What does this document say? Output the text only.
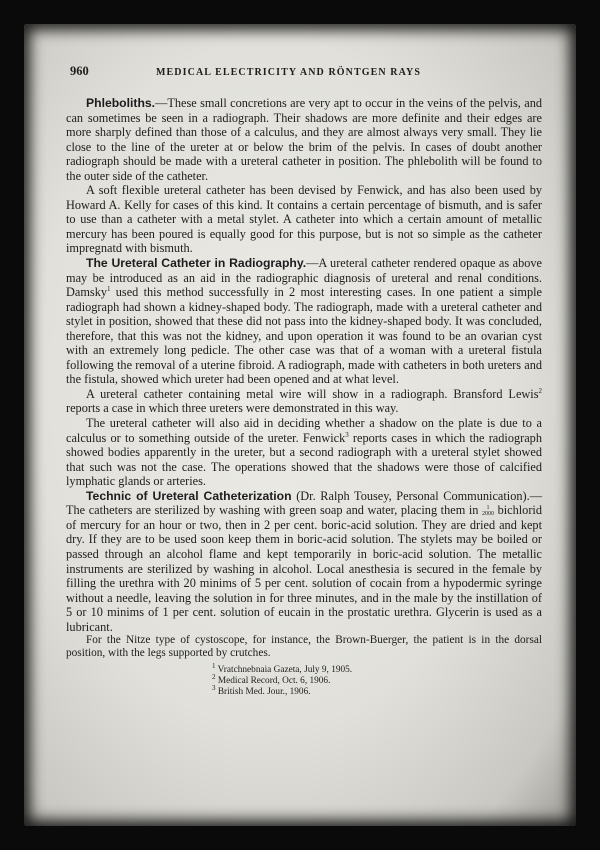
960	MEDICAL ELECTRICITY AND RÖNTGEN RAYS

Phleboliths.—These small concretions are very apt to occur in the veins of the pelvis, and can sometimes be seen in a radiograph. Their shadows are more definite and their edges are more sharply defined than those of a calculus, and they are almost always very small. They lie close to the line of the ureter at or below the brim of the pelvis. In cases of doubt another radiograph should be made with a ureteral catheter in position. The phlebolith will be found to the outer side of the catheter.

A soft flexible ureteral catheter has been devised by Fenwick, and has also been used by Howard A. Kelly for cases of this kind. It contains a certain percentage of bismuth, and is safer to use than a catheter with a metal stylet. A catheter into which a certain amount of metallic mercury has been poured is equally good for this purpose, but is not so simple as the catheter impregnatd with bismuth.

The Ureteral Catheter in Radiography.—A ureteral catheter rendered opaque as above may be introduced as an aid in the radiographic diagnosis of ureteral and renal conditions. Damsky$^1$ used this method successfully in 2 most interesting cases. In one patient a simple radiograph had shown a kidney-shaped body. The radiograph, made with a ureteral catheter and stylet in position, showed that these did not pass into the kidney-shaped body. It was concluded, therefore, that this was not the kidney, and upon operation it was found to be an ovarian cyst with an extremely long pedicle. The other case was that of a woman with a ureteral fistula following the removal of a uterine fibroid. A radiograph, made with catheters in both ureters and the fistula, showed which ureter had been opened and at what level.

A ureteral catheter containing metal wire will show in a radiograph. Bransford Lewis$^2$ reports a case in which three ureters were demonstrated in this way.

The ureteral catheter will also aid in deciding whether a shadow on the plate is due to a calculus or to something outside of the ureter. Fenwick$^3$ reports cases in which the radiograph showed bodies apparently in the ureter, but a second radiograph with a ureteral stylet showed that such was not the case. The operations showed that the shadows were those of calcified lymphatic glands or arteries.

Technic of Ureteral Catheterization (Dr. Ralph Tousey, Personal Communication).—The catheters are sterilized by washing with green soap and water, placing them in 1
2000 bichlorid of mercury for an hour or two, then in 2 per cent. boric-acid solution. They are dried and kept dry. If they are to be used soon keep them in boric-acid solution. The stylets may be boiled or passed through an alcohol flame and kept temporarily in boric-acid solution. The metallic instruments are sterilized by washing in alcohol. Local anesthesia is secured in the female by filling the urethra with 20 minims of 5 per cent. solution of cocain from a hypodermic syringe without a needle, leaving the solution in for three minutes, and in the male by the instillation of 5 or 10 minims of 1 per cent. solution of eucain in the prostatic urethra. Glycerin is used as a lubricant.

For the Nitze type of cystoscope, for instance, the Brown-Buerger, the patient is in the dorsal position, with the legs supported by crutches.

$^1$ Vratchnebnaia Gazeta, July 9, 1905.
$^2$ Medical Record, Oct. 6, 1906.
$^3$ British Med. Jour., 1906.
